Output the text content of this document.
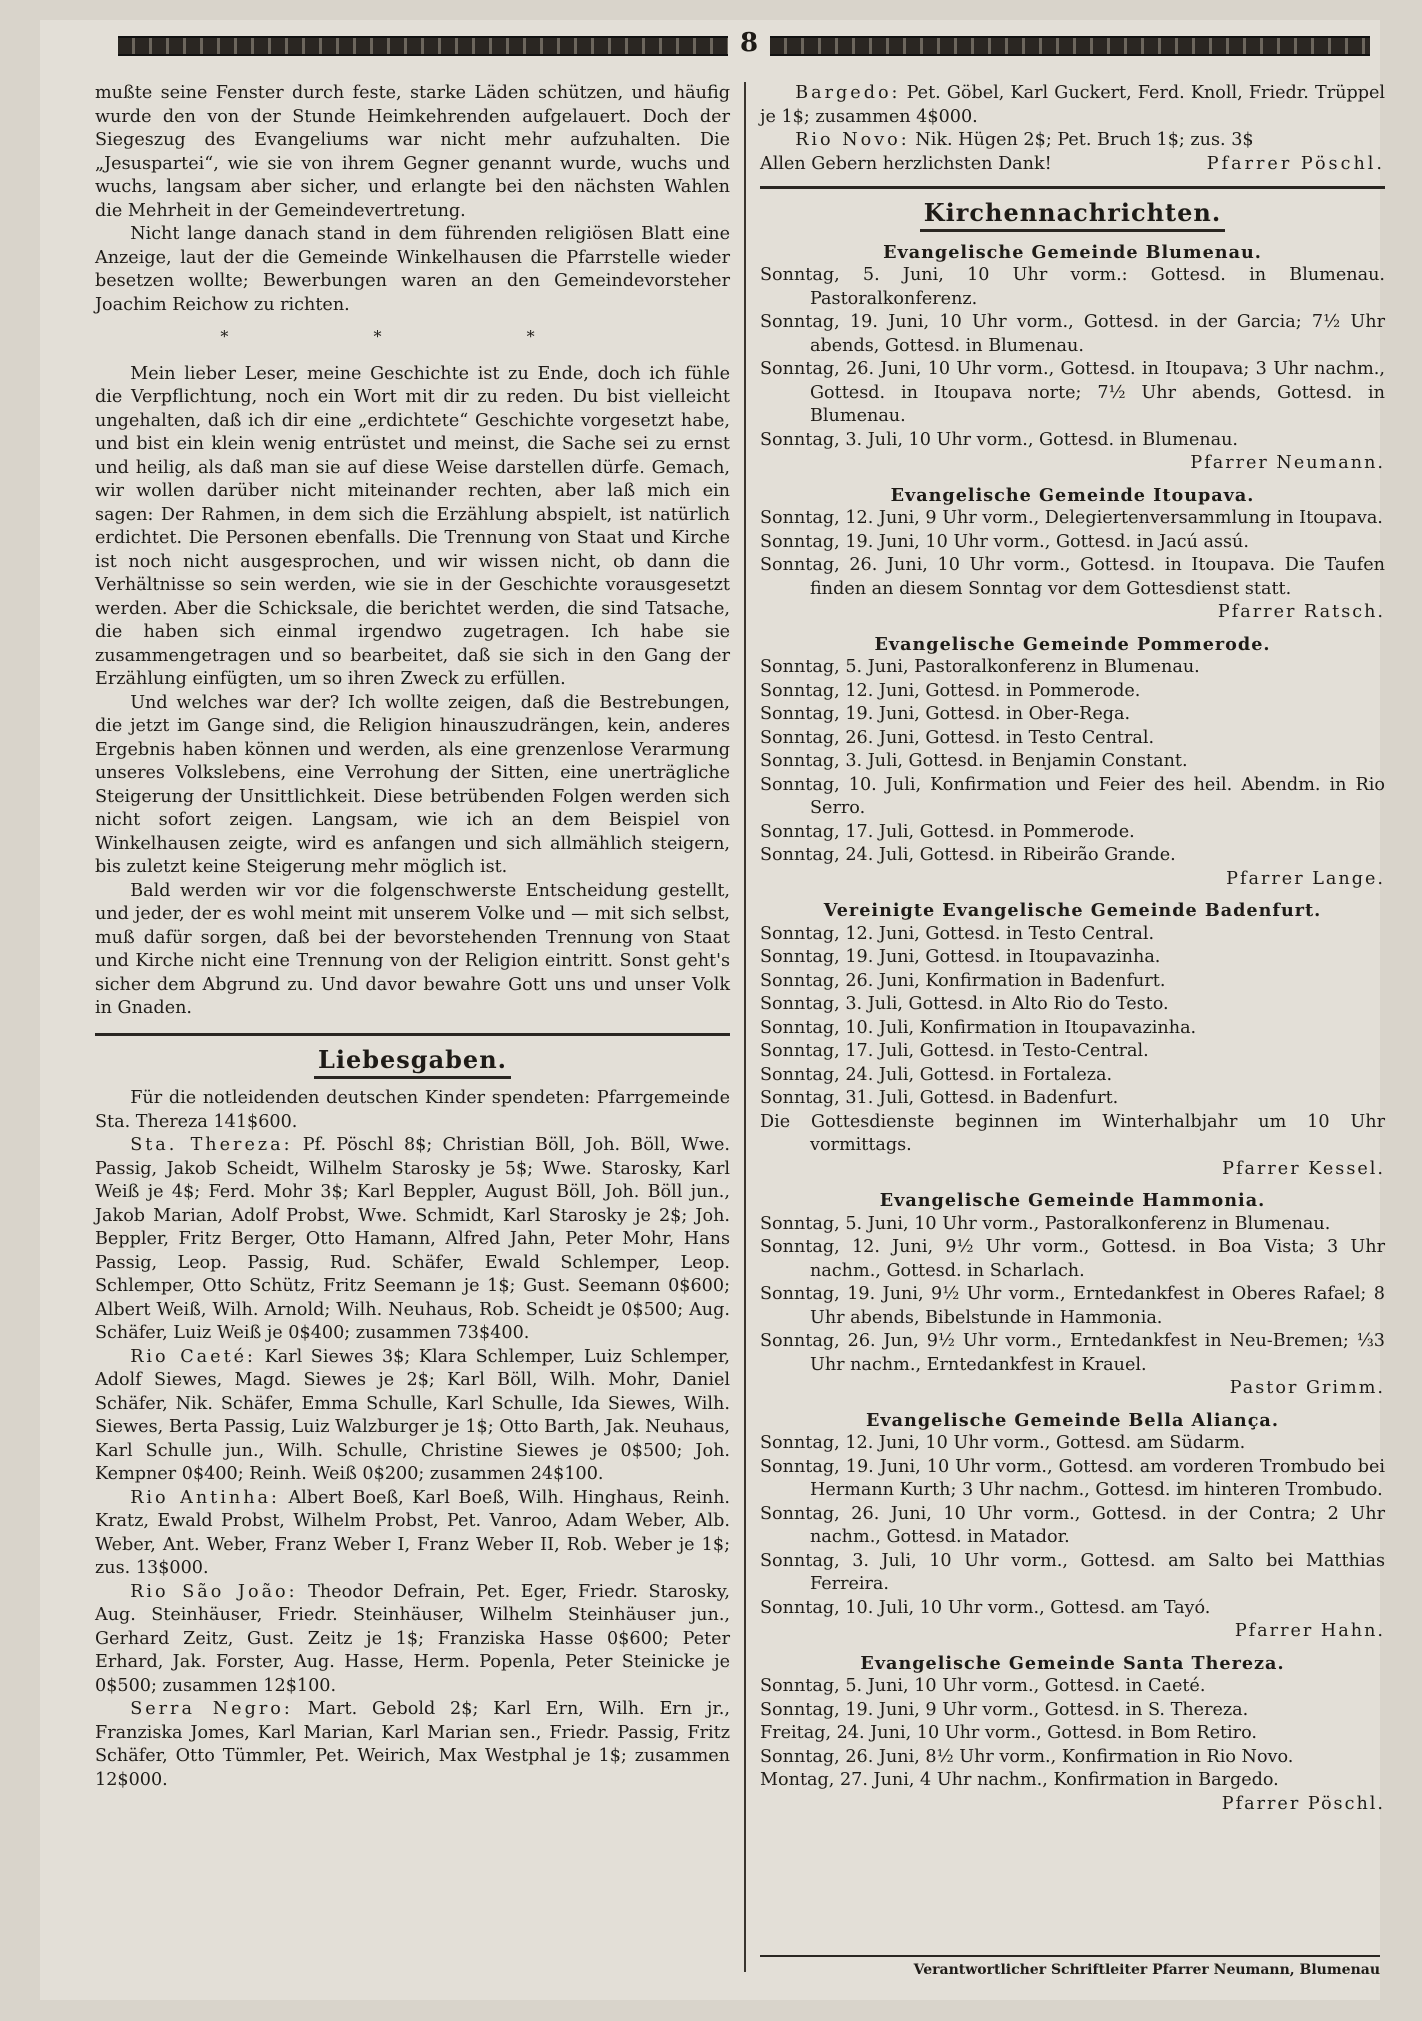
8

mußte seine Fenster durch feste, starke Läden schützen, und häufig wurde den von der Stunde Heimkehrenden aufgelauert. Doch der Siegeszug des Evangeliums war nicht mehr aufzuhalten. Die „Jesuspartei“, wie sie von ihrem Gegner genannt wurde, wuchs und wuchs, langsam aber sicher, und erlangte bei den nächsten Wahlen die Mehrheit in der Gemeindevertretung.

Nicht lange danach stand in dem führenden religiösen Blatt eine Anzeige, laut der die Gemeinde Winkelhausen die Pfarrstelle wieder besetzen wollte; Bewerbungen waren an den Gemeindevorsteher Joachim Reichow zu richten.

* * *

Mein lieber Leser, meine Geschichte ist zu Ende, doch ich fühle die Verpflichtung, noch ein Wort mit dir zu reden. Du bist vielleicht ungehalten, daß ich dir eine „erdichtete“ Geschichte vorgesetzt habe, und bist ein klein wenig entrüstet und meinst, die Sache sei zu ernst und heilig, als daß man sie auf diese Weise darstellen dürfe. Gemach, wir wollen darüber nicht miteinander rechten, aber laß mich ein sagen: Der Rahmen, in dem sich die Erzählung abspielt, ist natürlich erdichtet. Die Personen ebenfalls. Die Trennung von Staat und Kirche ist noch nicht ausgesprochen, und wir wissen nicht, ob dann die Verhältnisse so sein werden, wie sie in der Geschichte vorausgesetzt werden. Aber die Schicksale, die berichtet werden, die sind Tatsache, die haben sich einmal irgendwo zugetragen. Ich habe sie zusammengetragen und so bearbeitet, daß sie sich in den Gang der Erzählung einfügten, um so ihren Zweck zu erfüllen.

Und welches war der? Ich wollte zeigen, daß die Bestrebungen, die jetzt im Gange sind, die Religion hinauszudrängen, kein, anderes Ergebnis haben können und werden, als eine grenzenlose Verarmung unseres Volkslebens, eine Verrohung der Sitten, eine unerträgliche Steigerung der Unsittlichkeit. Diese betrübenden Folgen werden sich nicht sofort zeigen. Langsam, wie ich an dem Beispiel von Winkelhausen zeigte, wird es anfangen und sich allmählich steigern, bis zuletzt keine Steigerung mehr möglich ist.

Bald werden wir vor die folgenschwerste Entscheidung gestellt, und jeder, der es wohl meint mit unserem Volke und — mit sich selbst, muß dafür sorgen, daß bei der bevorstehenden Trennung von Staat und Kirche nicht eine Trennung von der Religion eintritt. Sonst geht's sicher dem Abgrund zu. Und davor bewahre Gott uns und unser Volk in Gnaden.

Liebesgaben.

Für die notleidenden deutschen Kinder spendeten: Pfarrgemeinde Sta. Thereza 141$600.

Sta. Thereza: Pf. Pöschl 8$; Christian Böll, Joh. Böll, Wwe. Passig, Jakob Scheidt, Wilhelm Starosky je 5$; Wwe. Starosky, Karl Weiß je 4$; Ferd. Mohr 3$; Karl Beppler, August Böll, Joh. Böll jun., Jakob Marian, Adolf Probst, Wwe. Schmidt, Karl Starosky je 2$; Joh. Beppler, Fritz Berger, Otto Hamann, Alfred Jahn, Peter Mohr, Hans Passig, Leop. Passig, Rud. Schäfer, Ewald Schlemper, Leop. Schlemper, Otto Schütz, Fritz Seemann je 1$; Gust. Seemann 0$600; Albert Weiß, Wilh. Arnold; Wilh. Neuhaus, Rob. Scheidt je 0$500; Aug. Schäfer, Luiz Weiß je 0$400; zusammen 73$400.

Rio Caeté: Karl Siewes 3$; Klara Schlemper, Luiz Schlemper, Adolf Siewes, Magd. Siewes je 2$; Karl Böll, Wilh. Mohr, Daniel Schäfer, Nik. Schäfer, Emma Schulle, Karl Schulle, Ida Siewes, Wilh. Siewes, Berta Passig, Luiz Walzburger je 1$; Otto Barth, Jak. Neuhaus, Karl Schulle jun., Wilh. Schulle, Christine Siewes je 0$500; Joh. Kempner 0$400; Reinh. Weiß 0$200; zusammen 24$100.

Rio Antinha: Albert Boeß, Karl Boeß, Wilh. Hinghaus, Reinh. Kratz, Ewald Probst, Wilhelm Probst, Pet. Vanroo, Adam Weber, Alb. Weber, Ant. Weber, Franz Weber I, Franz Weber II, Rob. Weber je 1$; zus. 13$000.

Rio São João: Theodor Defrain, Pet. Eger, Friedr. Starosky, Aug. Steinhäuser, Friedr. Steinhäuser, Wilhelm Steinhäuser jun., Gerhard Zeitz, Gust. Zeitz je 1$; Franziska Hasse 0$600; Peter Erhard, Jak. Forster, Aug. Hasse, Herm. Popenla, Peter Steinicke je 0$500; zusammen 12$100.

Serra Negro: Mart. Gebold 2$; Karl Ern, Wilh. Ern jr., Franziska Jomes, Karl Marian, Karl Marian sen., Friedr. Passig, Fritz Schäfer, Otto Tümmler, Pet. Weirich, Max Westphal je 1$; zusammen 12$000.

Bargedo: Pet. Göbel, Karl Guckert, Ferd. Knoll, Friedr. Trüppel je 1$; zusammen 4$000.

Rio Novo: Nik. Hügen 2$; Pet. Bruch 1$; zus. 3$

Allen Gebern herzlichsten Dank!	Pfarrer Pöschl.

Kirchennachrichten.
Evangelische Gemeinde Blumenau.

Sonntag, 5. Juni, 10 Uhr vorm.: Gottesd. in Blumenau. Pastoralkonferenz.

Sonntag, 19. Juni, 10 Uhr vorm., Gottesd. in der Garcia; 7½ Uhr abends, Gottesd. in Blumenau.

Sonntag, 26. Juni, 10 Uhr vorm., Gottesd. in Itoupava; 3 Uhr nachm., Gottesd. in Itoupava norte; 7½ Uhr abends, Gottesd. in Blumenau.

Sonntag, 3. Juli, 10 Uhr vorm., Gottesd. in Blumenau.

Pfarrer Neumann.
Evangelische Gemeinde Itoupava.

Sonntag, 12. Juni, 9 Uhr vorm., Delegiertenversammlung in Itoupava.

Sonntag, 19. Juni, 10 Uhr vorm., Gottesd. in Jacú assú.

Sonntag, 26. Juni, 10 Uhr vorm., Gottesd. in Itoupava. Die Taufen finden an diesem Sonntag vor dem Gottesdienst statt.

Pfarrer Ratsch.
Evangelische Gemeinde Pommerode.

Sonntag, 5. Juni, Pastoralkonferenz in Blumenau.

Sonntag, 12. Juni, Gottesd. in Pommerode.

Sonntag, 19. Juni, Gottesd. in Ober-Rega.

Sonntag, 26. Juni, Gottesd. in Testo Central.

Sonntag, 3. Juli, Gottesd. in Benjamin Constant.

Sonntag, 10. Juli, Konfirmation und Feier des heil. Abendm. in Rio Serro.

Sonntag, 17. Juli, Gottesd. in Pommerode.

Sonntag, 24. Juli, Gottesd. in Ribeirão Grande.

Pfarrer Lange.
Vereinigte Evangelische Gemeinde Badenfurt.

Sonntag, 12. Juni, Gottesd. in Testo Central.

Sonntag, 19. Juni, Gottesd. in Itoupavazinha.

Sonntag, 26. Juni, Konfirmation in Badenfurt.

Sonntag, 3. Juli, Gottesd. in Alto Rio do Testo.

Sonntag, 10. Juli, Konfirmation in Itoupavazinha.

Sonntag, 17. Juli, Gottesd. in Testo-Central.

Sonntag, 24. Juli, Gottesd. in Fortaleza.

Sonntag, 31. Juli, Gottesd. in Badenfurt.

Die Gottesdienste beginnen im Winterhalbjahr um 10 Uhr vormittags.

Pfarrer Kessel.
Evangelische Gemeinde Hammonia.

Sonntag, 5. Juni, 10 Uhr vorm., Pastoralkonferenz in Blumenau.

Sonntag, 12. Juni, 9½ Uhr vorm., Gottesd. in Boa Vista; 3 Uhr nachm., Gottesd. in Scharlach.

Sonntag, 19. Juni, 9½ Uhr vorm., Erntedankfest in Oberes Rafael; 8 Uhr abends, Bibelstunde in Hammonia.

Sonntag, 26. Jun, 9½ Uhr vorm., Erntedankfest in Neu-Bremen; ⅓3 Uhr nachm., Erntedankfest in Krauel.

Pastor Grimm.
Evangelische Gemeinde Bella Aliança.

Sonntag, 12. Juni, 10 Uhr vorm., Gottesd. am Südarm.

Sonntag, 19. Juni, 10 Uhr vorm., Gottesd. am vorderen Trombudo bei Hermann Kurth; 3 Uhr nachm., Gottesd. im hinteren Trombudo.

Sonntag, 26. Juni, 10 Uhr vorm., Gottesd. in der Contra; 2 Uhr nachm., Gottesd. in Matador.

Sonntag, 3. Juli, 10 Uhr vorm., Gottesd. am Salto bei Matthias Ferreira.

Sonntag, 10. Juli, 10 Uhr vorm., Gottesd. am Tayó.

Pfarrer Hahn.
Evangelische Gemeinde Santa Thereza.

Sonntag, 5. Juni, 10 Uhr vorm., Gottesd. in Caeté.

Sonntag, 19. Juni, 9 Uhr vorm., Gottesd. in S. Thereza.

Freitag, 24. Juni, 10 Uhr vorm., Gottesd. in Bom Retiro.

Sonntag, 26. Juni, 8½ Uhr vorm., Konfirmation in Rio Novo.

Montag, 27. Juni, 4 Uhr nachm., Konfirmation in Bargedo.

Pfarrer Pöschl.
Verantwortlicher Schriftleiter Pfarrer Neumann, Blumenau
